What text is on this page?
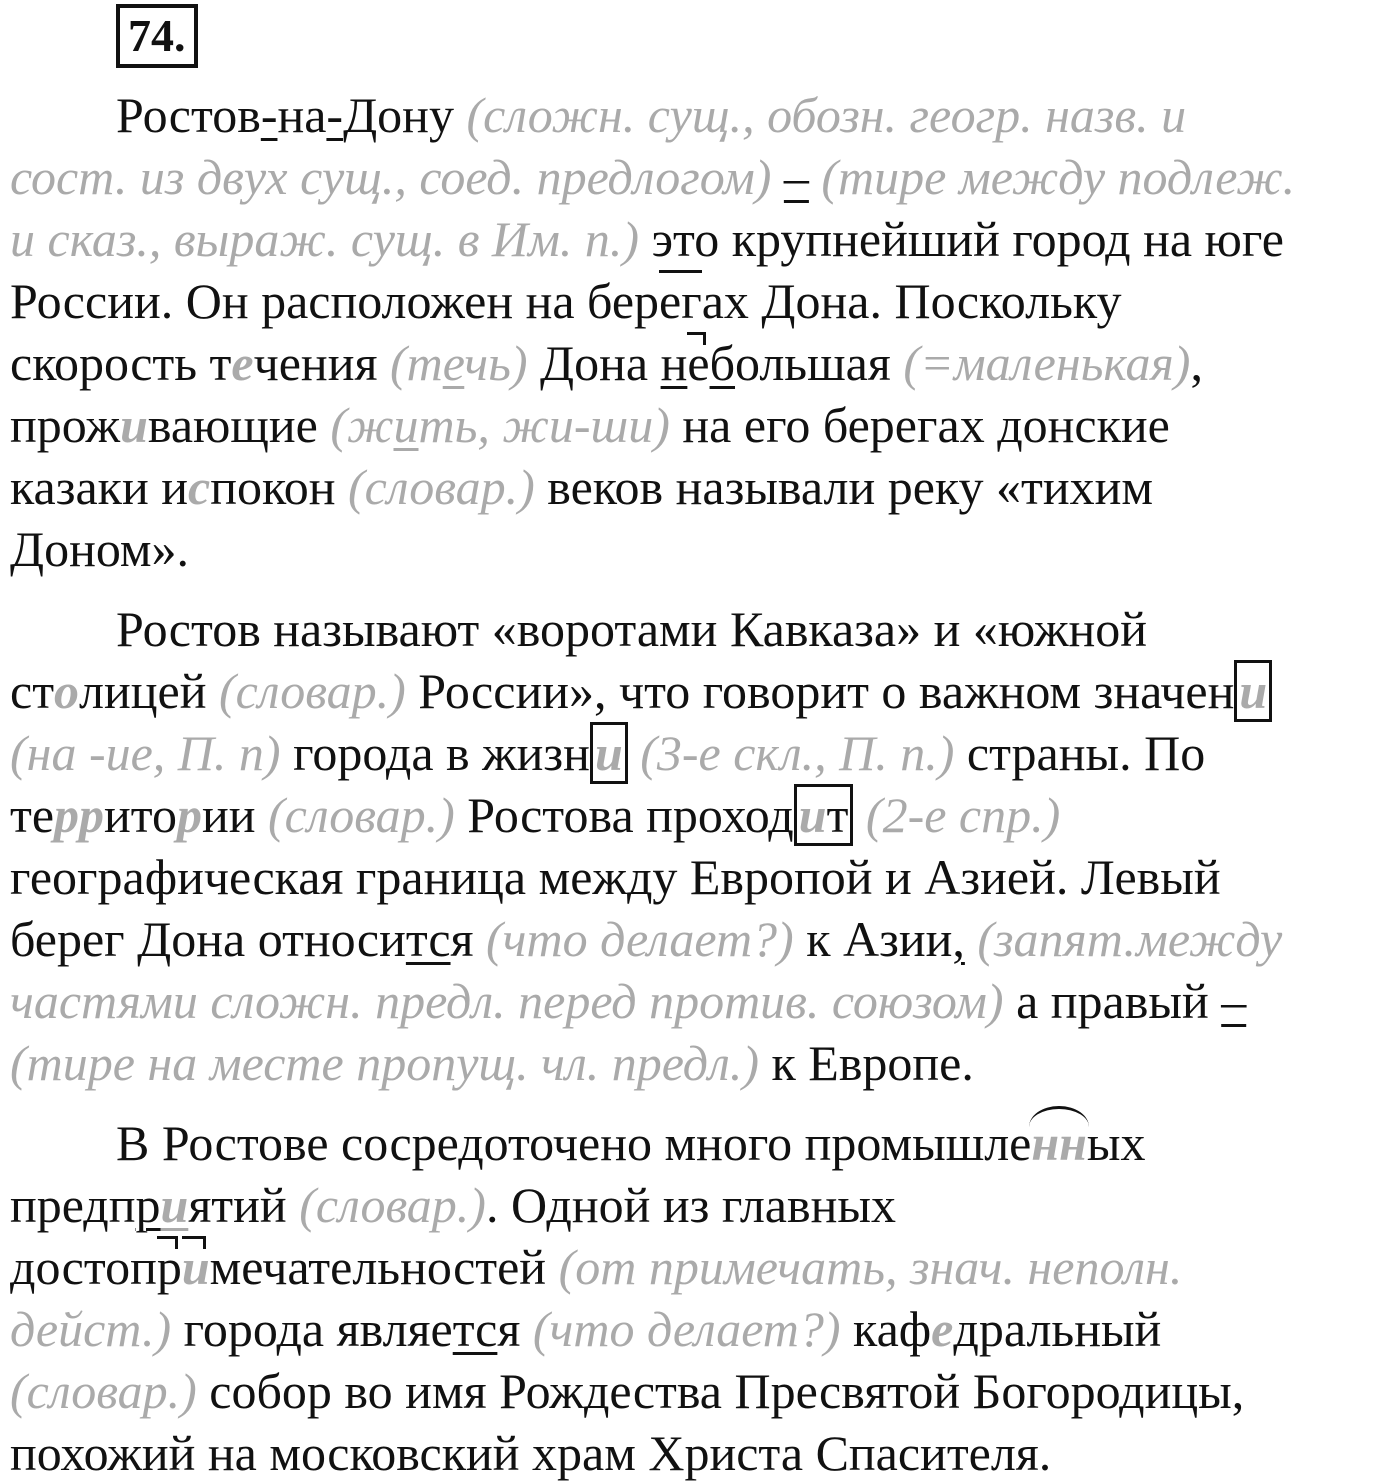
74.
Ростов-на-Дону (сложн. сущ., обозн. геогр. назв. и
сост. из двух сущ., соед. предлогом) – (тире между подлеж.
и сказ., выраж. сущ. в Им. п.) это крупнейший город на юге
России. Он расположен на берегах Дона. Поскольку
скорость течения (течь) Дона небольшая (=маленькая),
проживающие (жить, жи-ши) на его берегах донские
казаки испокон (словар.) веков называли реку «тихим
Доном».
Ростов называют «воротами Кавказа» и «южной
столицей (словар.) России», что говорит о важном значен и
(на -ие, П. п) города в жизн и (3-е скл., П. п.) страны. По
территории (словар.) Ростова проход ит (2-е спр.)
географическая граница между Европой и Азией. Левый
берег Дона относится (что делает?) к Азии, (запят.между
частями сложн. предл. перед против. союзом) а правый –
(тире на месте пропущ. чл. предл.) к Европе.
В Ростове сосредоточено много промышленных
предприятий (словар.). Одной из главных
достопримечательностей (от примечать, знач. неполн.
дейст.) города является (что делает?) кафедральный
(словар.) собор во имя Рождества Пресвятой Богородицы,
похожий на московский храм Христа Спасителя.
